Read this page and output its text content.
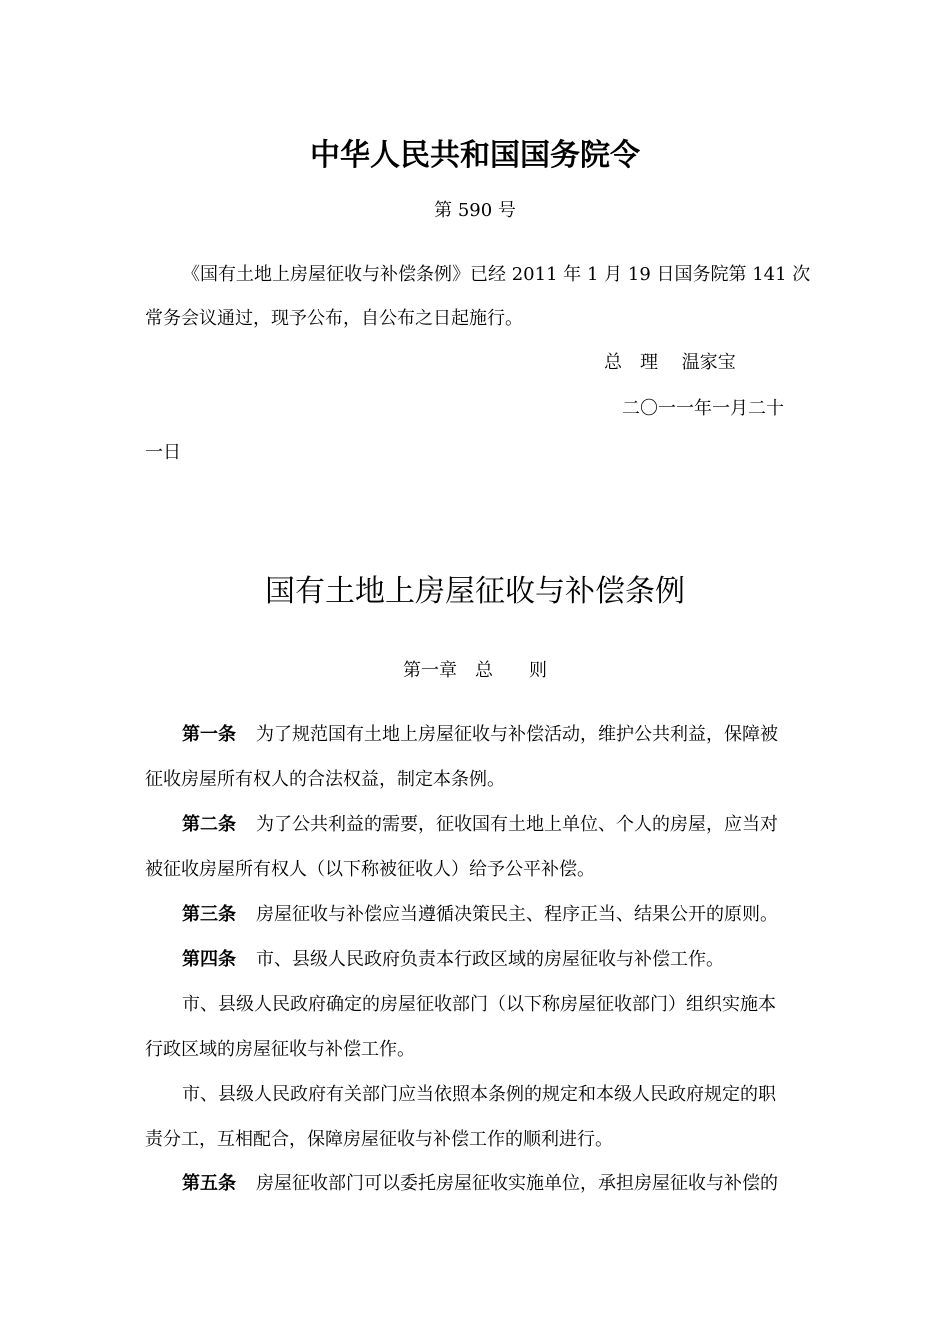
中华人民共和国国务院令
第 590 号
《国有土地上房屋征收与补偿条例》已经 2011 年 1 月 19 日国务院第 141 次
常务会议通过，现予公布，自公布之日起施行。
总　理　 温家宝
二〇一一年一月二十
一日
国有土地上房屋征收与补偿条例
第一章　总　　则
第一条 为了规范国有土地上房屋征收与补偿活动，维护公共利益，保障被
征收房屋所有权人的合法权益，制定本条例。
第二条 为了公共利益的需要，征收国有土地上单位、个人的房屋，应当对
被征收房屋所有权人（以下称被征收人）给予公平补偿。
第三条 房屋征收与补偿应当遵循决策民主、程序正当、结果公开的原则。
第四条 市、县级人民政府负责本行政区域的房屋征收与补偿工作。
市、县级人民政府确定的房屋征收部门（以下称房屋征收部门）组织实施本
行政区域的房屋征收与补偿工作。
市、县级人民政府有关部门应当依照本条例的规定和本级人民政府规定的职
责分工，互相配合，保障房屋征收与补偿工作的顺利进行。
第五条 房屋征收部门可以委托房屋征收实施单位，承担房屋征收与补偿的
